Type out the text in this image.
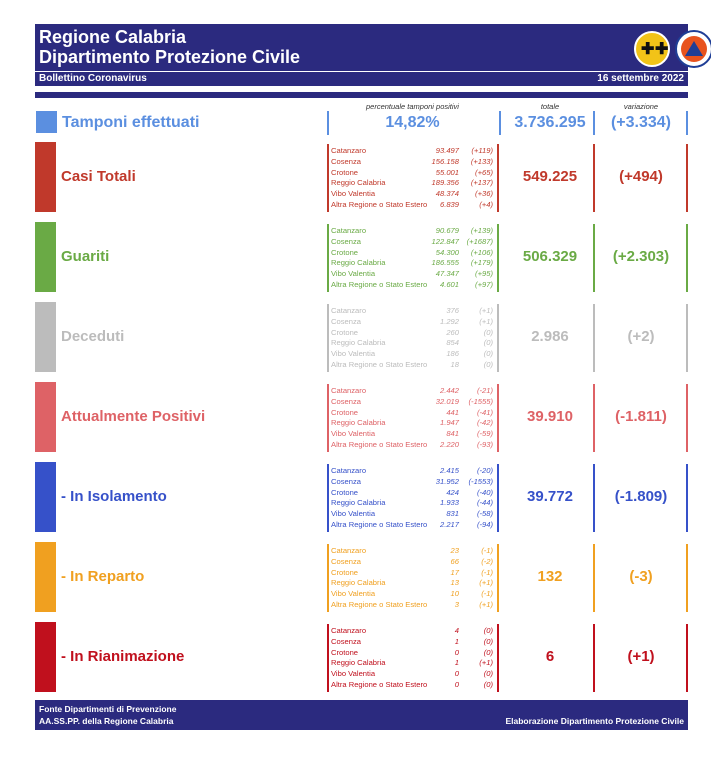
Regione Calabria
Dipartimento Protezione Civile	✚ ✚
Bollettino Coronavirus	16 settembre 2022
percentuale tamponi positivi	totale	variazione
Tamponi effettuati	14,82%	3.736.295	(+3.334)
Casi Totali
Catanzaro	93.497 (+119)
Cosenza	156.158 (+133)
Crotone	55.001 (+65)
Reggio Calabria	189.356 (+137)
Vibo Valentia	48.374 (+36)
Altra Regione o Stato Estero 6.839	(+4)
549.225	(+494)
Guariti
Catanzaro	90.679 (+139)
Cosenza	122.847 (+1687)
Crotone	54.300 (+106)
Reggio Calabria	186.555 (+179)
Vibo Valentia	47.347 (+95)
Altra Regione o Stato Estero 4.601 (+97)
506.329	(+2.303)
Deceduti
Catanzaro	376	(+1)
Cosenza	1.292	(+1)
Crotone	260	(0)
Reggio Calabria	854	(0)
Vibo Valentia	186	(0)
Altra Regione o Stato Estero	18	(0)
2.986	(+2)
Attualmente Positivi
Catanzaro	2.442 (-21)
Cosenza	32.019 (-1555)
Crotone	441 (-41)
Reggio Calabria	1.947 (-42)
Vibo Valentia	841 (-59)
Altra Regione o Stato Estero 2.220 (-93)
39.910	(-1.811)
- In Isolamento
Catanzaro	2.415 (-20)
Cosenza	31.952 (-1553)
Crotone	424 (-40)
Reggio Calabria	1.933 (-44)
Vibo Valentia	831 (-58)
Altra Regione o Stato Estero 2.217 (-94)
39.772	(-1.809)
- In Reparto
Catanzaro	23	(-1)
Cosenza	66	(-2)
Crotone	17	(-1)
Reggio Calabria	13	(+1)
Vibo Valentia	10	(-1)
Altra Regione o Stato Estero	3	(+1)
132	(-3)
- In Rianimazione
Catanzaro	4	(0)
Cosenza	1	(0)
Crotone	0	(0)
Reggio Calabria	1	(+1)
Vibo Valentia	0	(0)
Altra Regione o Stato Estero	0	(0)
6	(+1)
Fonte Dipartimenti di Prevenzione
AA.SS.PP. della Regione Calabria	Elaborazione Dipartimento Protezione Civile
